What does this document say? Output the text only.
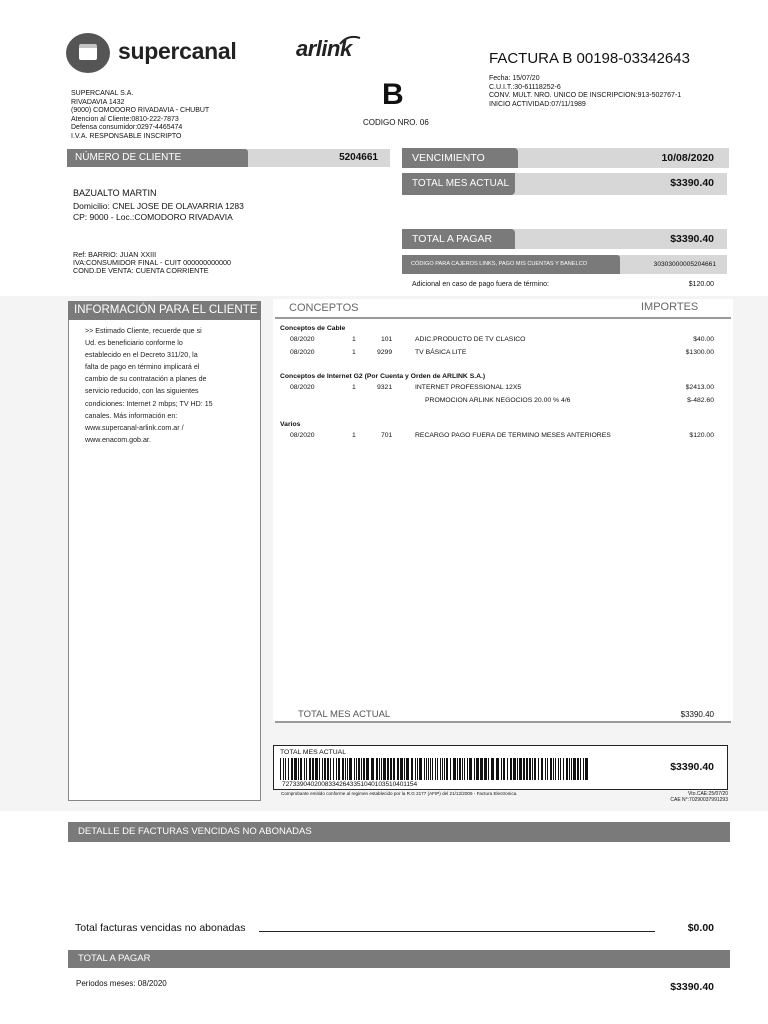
supercanal	arlink	FACTURA B 00198-03342643
Fecha: 15/07/20
C.U.I.T.:30-61118252-6
CONV. MULT. NRO. UNICO DE INSCRIPCION:913-502767-1
INICIO ACTIVIDAD:07/11/1989
B
CODIGO NRO. 06
SUPERCANAL S.A.
RIVADAVIA 1432
(9000) COMODORO RIVADAVIA - CHUBUT
Atencion al Cliente:0810-222-7873
Defensa consumidor:0297-4465474
I.V.A. RESPONSABLE INSCRIPTO
NÚMERO DE CLIENTE	5204661
BAZUALTO MARTIN
Domicilio: CNEL JOSE DE OLAVARRIA 1283
CP: 9000 - Loc.:COMODORO RIVADAVIA
Ref: BARRIO: JUAN XXIII
IVA:CONSUMIDOR FINAL - CUIT 000000000000
COND.DE VENTA: CUENTA CORRIENTE
VENCIMIENTO	10/08/2020
TOTAL MES ACTUAL	$3390.40
TOTAL A PAGAR	$3390.40
CÓDIGO PARA CAJEROS LINKS, PAGO MIS CUENTAS Y BANELCO	30303000005204661
Adicional en caso de pago fuera de término:	$120.00
INFORMACIÓN PARA EL CLIENTE
>> Estimado Cliente, recuerde que si
Ud. es beneficiario conforme lo
establecido en el Decreto 311/20, la
falta de pago en término implicará el
cambio de su contratación a planes de
servicio reducido, con las siguientes
condiciones: Internet 2 mbps; TV HD: 15
canales. Más información en:
www.supercanal-arlink.com.ar /
www.enacom.gob.ar.
CONCEPTOS	IMPORTES
Conceptos de Cable
08/2020	1	101	ADIC.PRODUCTO DE TV CLASICO	$40.00
08/2020	1	9299	TV BÁSICA LITE	$1300.00
Conceptos de Internet G2 (Por Cuenta y Orden de ARLINK S.A.)
08/2020	1	9321	INTERNET PROFESSIONAL 12X5	$2413.00
PROMOCION ARLINK NEGOCIOS 20.00 % 4/6	$-482.60
Varios
08/2020	1	701	RECARGO PAGO FUERA DE TERMINO MESES ANTERIORES	$120.00
TOTAL MES ACTUAL	$3390.40
TOTAL MES ACTUAL
$3390.40
7273390402008334264335104010351040115​4
Comprobante emitido conforme al regimen establecido por la R.G 2177 (AFIP) del 21/12/2006 - Factura Electronica.	Vto.CAE:25/07/20
CAE N°:70290037991293
DETALLE DE FACTURAS VENCIDAS NO ABONADAS
Total facturas vencidas no abonadas	$0.00
TOTAL A PAGAR
Periodos meses: 08/2020	$3390.40
